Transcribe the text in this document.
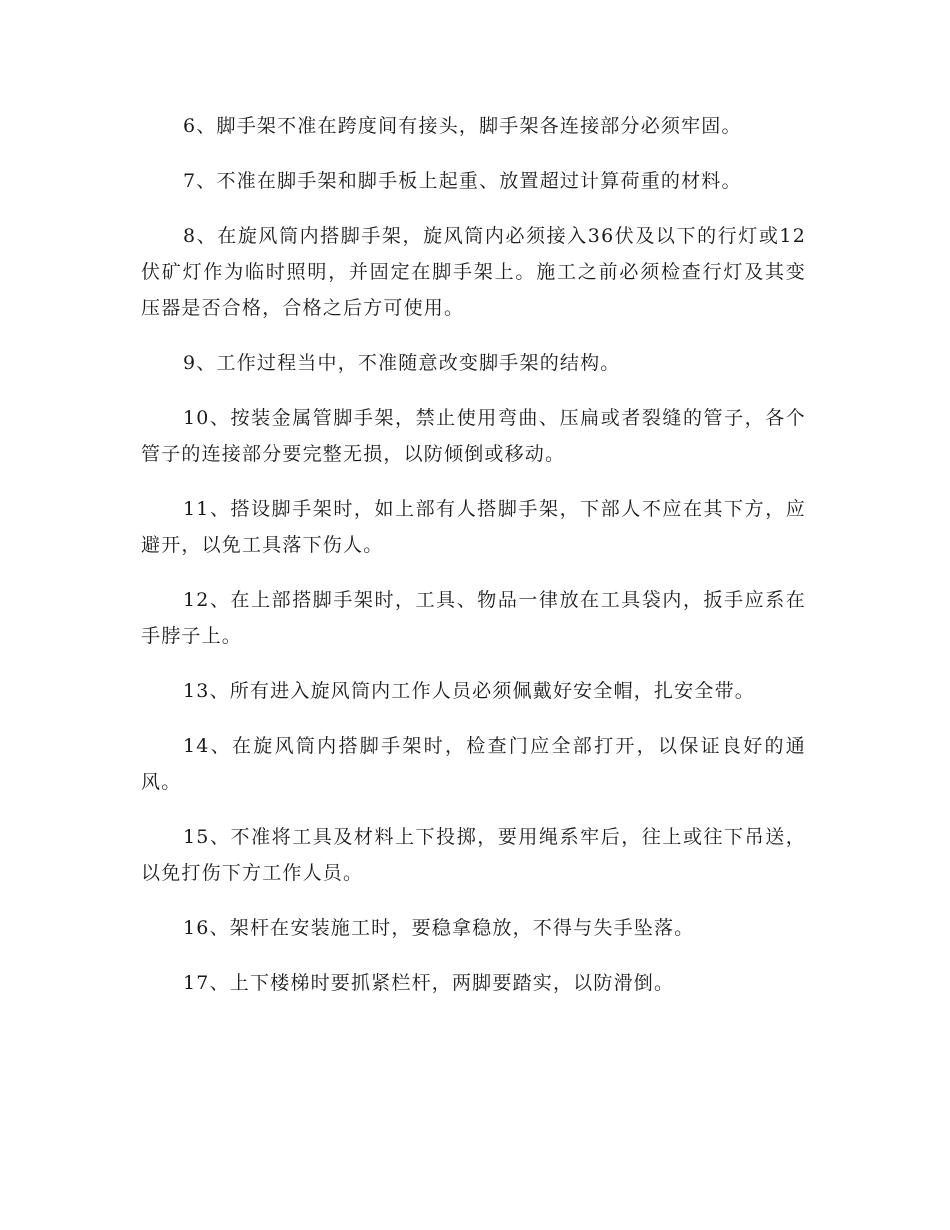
6、脚手架不准在跨度间有接头，脚手架各连接部分必须牢固。

7、不准在脚手架和脚手板上起重、放置超过计算荷重的材料。

8、在旋风筒内搭脚手架，旋风筒内必须接入36伏及以下的行灯或12伏矿灯作为临时照明，并固定在脚手架上。施工之前必须检查行灯及其变压器是否合格，合格之后方可使用。

9、工作过程当中，不准随意改变脚手架的结构。

10、按装金属管脚手架，禁止使用弯曲、压扁或者裂缝的管子，各个管子的连接部分要完整无损，以防倾倒或移动。

11、搭设脚手架时，如上部有人搭脚手架，下部人不应在其下方，应避开，以免工具落下伤人。

12、在上部搭脚手架时，工具、物品一律放在工具袋内，扳手应系在手脖子上。

13、所有进入旋风筒内工作人员必须佩戴好安全帽，扎安全带。

14、在旋风筒内搭脚手架时，检查门应全部打开，以保证良好的通风。

15、不准将工具及材料上下投掷，要用绳系牢后，往上或往下吊送，以免打伤下方工作人员。

16、架杆在安装施工时，要稳拿稳放，不得与失手坠落。

17、上下楼梯时要抓紧栏杆，两脚要踏实，以防滑倒。
